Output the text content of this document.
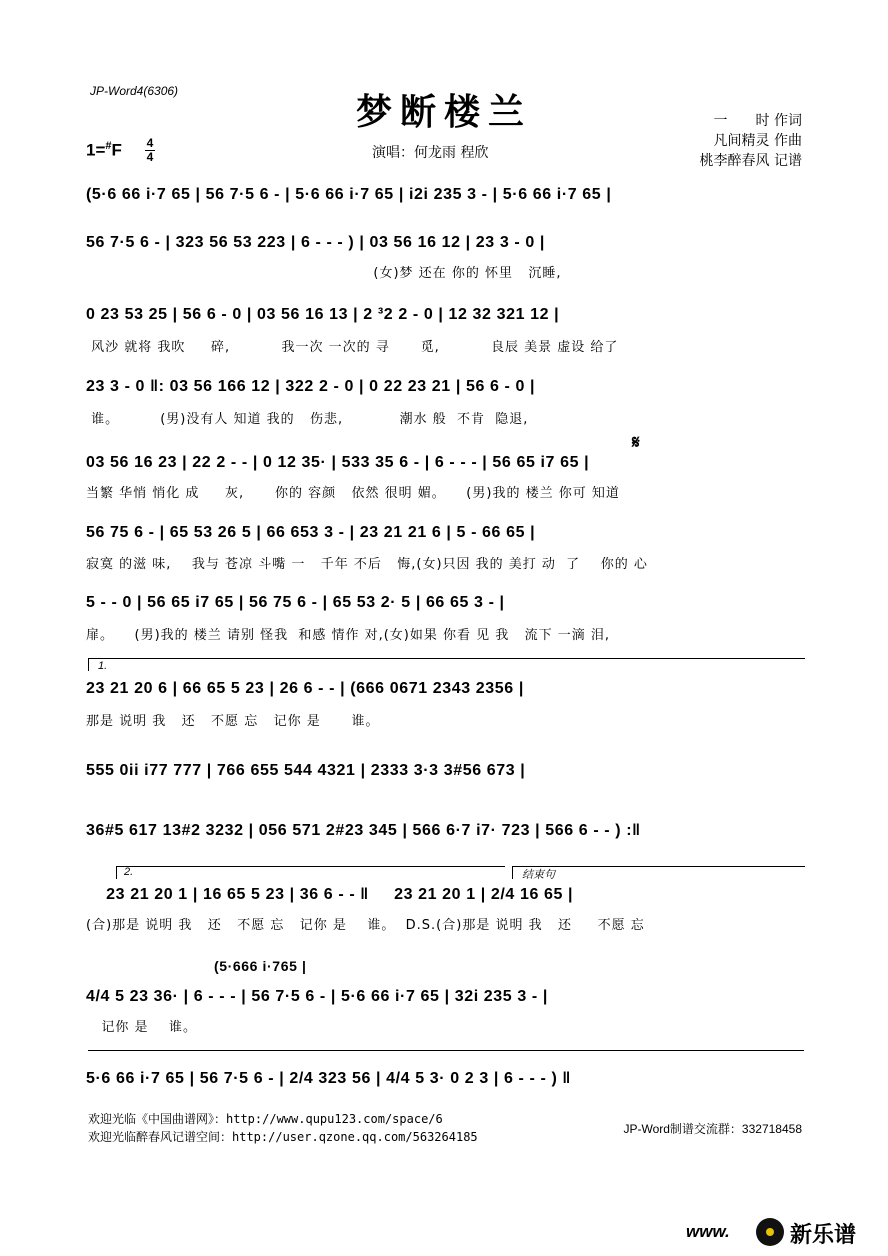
JP-Word4(6306)	梦断楼兰	一　　时 作词
凡间精灵 作曲
桃李醉春风 记谱
1=#F 4
4	演唱：何龙雨 程欣
(5·6 66 i·7 65 | 56 7·5 6 - | 5·6 66 i·7 65 | i2i 235 3 - | 5·6 66 i·7 65 |
56 7·5 6 - | 323 56 53 223 | 6 - - - ) | 03 56 16 12 | 23 3 - 0 |
(女)梦 还在 你的 怀里   沉睡,
0 23 53 25 | 56 6 - 0 | 03 56 16 13 | 2 ³2 2 - 0 | 12 32 321 12 |
风沙 就将 我吹     碎,          我一次 一次的 寻      觅,          良辰 美景 虚设 给了
23 3 - 0 ‖: 03 56 166 12 | 322 2 - 0 | 0 22 23 21 | 56 6 - 0 |
谁。        (男)没有人 知道 我的   伤悲,           潮水 般  不肯  隐退,
𝄋
03 56 16 23 | 22 2 - - | 0 12 35· | 533 35 6 - | 6 - - - | 56 65 i7 65 |
当繁 华悄 悄化 成     灰,      你的 容颜   依然 很明 媚。    (男)我的 楼兰 你可 知道
56 75 6 - | 65 53 26 5 | 66 653 3 - | 23 21 21 6 | 5 - 66 65 |
寂寞 的滋 味,    我与 苍凉 斗嘴 一   千年 不后   悔,(女)只因 我的 美打 动  了    你的 心
5 - - 0 | 56 65 i7 65 | 56 75 6 - | 65 53 2· 5 | 66 65 3 - |
扉。    (男)我的 楼兰 请别 怪我  和感 情作 对,(女)如果 你看 见 我   流下 一滴 泪,
1.
23 21 20 6 | 66 65 5 23 | 26 6 - - | (666 0671 2343 2356 |
那是 说明 我   还   不愿 忘   记你 是      谁。
555 0ii i77 777 | 766 655 544 4321 | 2333 3·3 3#56 673 |
36#5 617 13#2 3232 | 056 571 2#23 345 | 566 6·7 i7· 723 | 566 6 - - ) :‖
2.	结束句
23 21 20 1 | 16 65 5 23 | 36 6 - - ‖     23 21 20 1 | 2/4 16 65 |
(合)那是 说明 我   还   不愿 忘   记你 是    谁。  D.S.(合)那是 说明 我   还     不愿 忘
(5·666 i·765 |
4/4 5 23 36· | 6 - - - | 56 7·5 6 - | 5·6 66 i·7 65 | 32i 235 3 - |
记你 是    谁。
5·6 66 i·7 65 | 56 7·5 6 - | 2/4 323 56 | 4/4 5 3· 0 2 3 | 6 - - - ) ‖
欢迎光临《中国曲谱网》：http://www.qupu123.com/space/6
欢迎光临醉春风记谱空间：http://user.qzone.qq.com/563264185
JP-Word制谱交流群：332718458
www.	新乐谱
